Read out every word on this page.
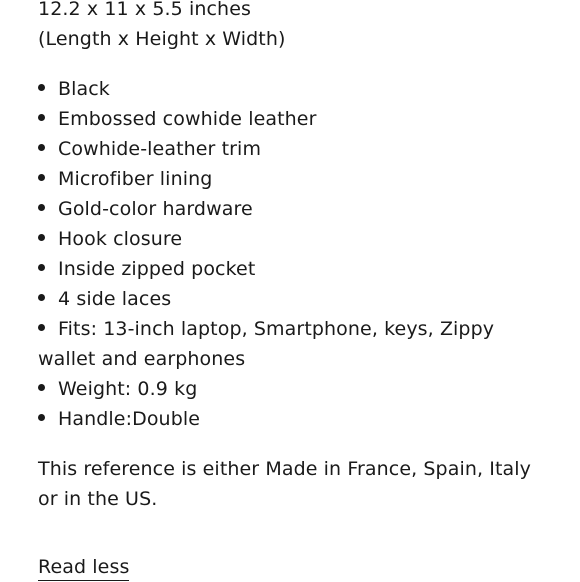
12.2 x 11 x 5.5 inches

(Length x Height x Width)

Black
Embossed cowhide leather
Cowhide-leather trim
Microfiber lining
Gold-color hardware
Hook closure
Inside zipped pocket
4 side laces
Fits: 13-inch laptop, Smartphone, keys, Zippy wallet and earphones
Weight: 0.9 kg
Handle:Double

This reference is either Made in France, Spain, Italy or in the US.

Read less
